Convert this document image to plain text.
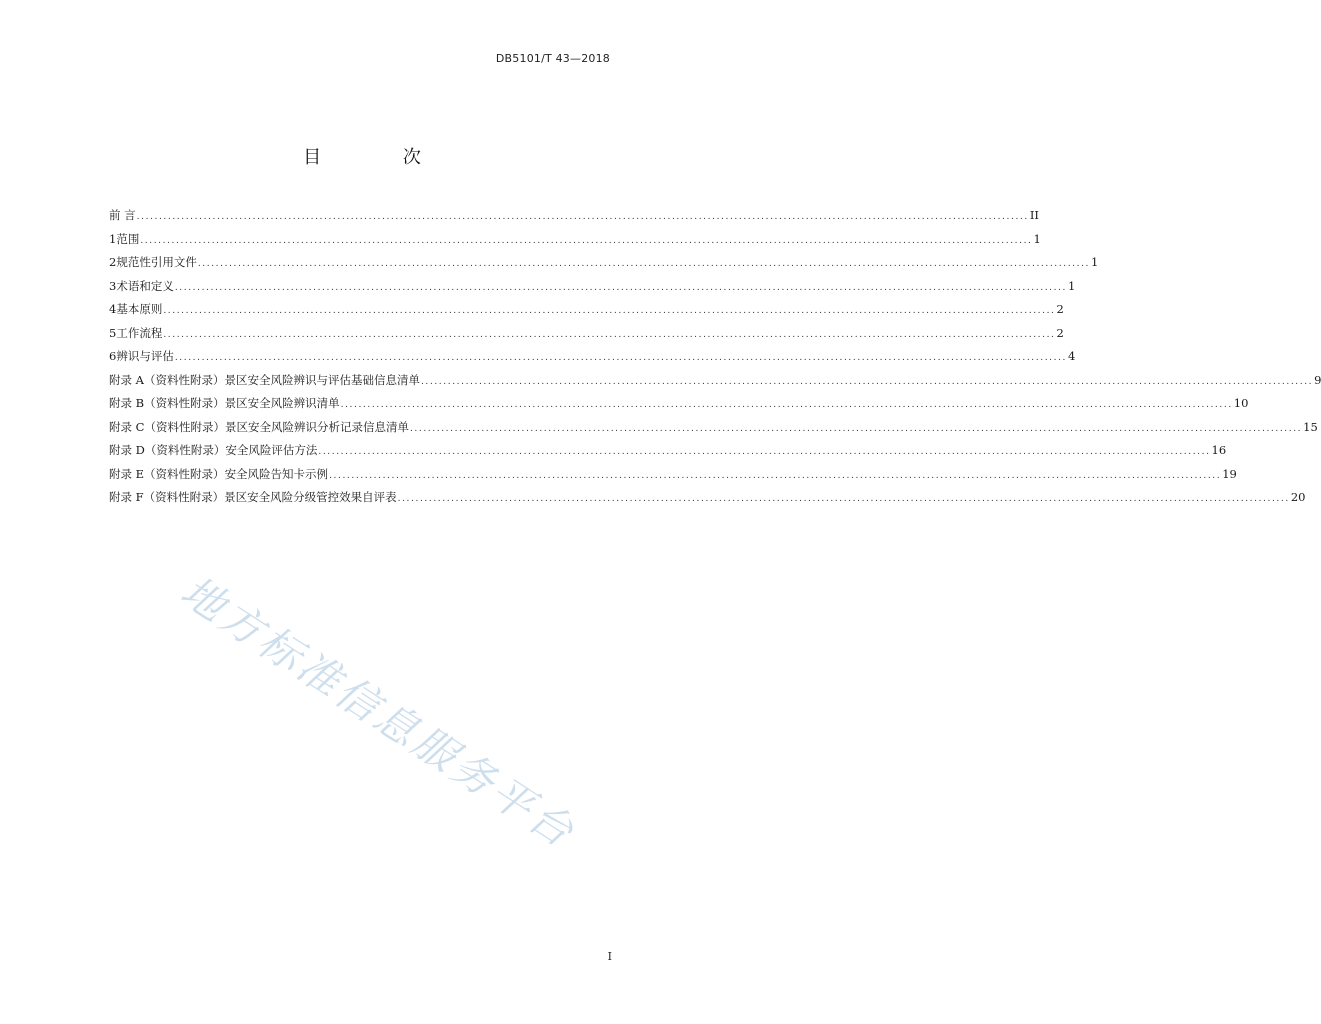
DB5101/T 43—2018
目 次
前 言 ........................................................................................................................................................................................................ II
1 范围 ........................................................................................................................................................................................................ 1
2 规范性引用文件 ........................................................................................................................................................................................................ 1
3 术语和定义 ........................................................................................................................................................................................................ 1
4 基本原则 ........................................................................................................................................................................................................ 2
5 工作流程 ........................................................................................................................................................................................................ 2
6 辨识与评估 ........................................................................................................................................................................................................ 4
附录 A（资料性附录） 景区安全风险辨识与评估基础信息清单 ........................................................................................................................................................................................................ 9
附录 B（资料性附录） 景区安全风险辨识清单 ........................................................................................................................................................................................................ 10
附录 C（资料性附录） 景区安全风险辨识分析记录信息清单 ........................................................................................................................................................................................................ 15
附录 D（资料性附录） 安全风险评估方法 ........................................................................................................................................................................................................ 16
附录 E（资料性附录） 安全风险告知卡示例 ........................................................................................................................................................................................................ 19
附录 F（资料性附录） 景区安全风险分级管控效果自评表 ........................................................................................................................................................................................................ 20
地方标准信息服务平台
I
